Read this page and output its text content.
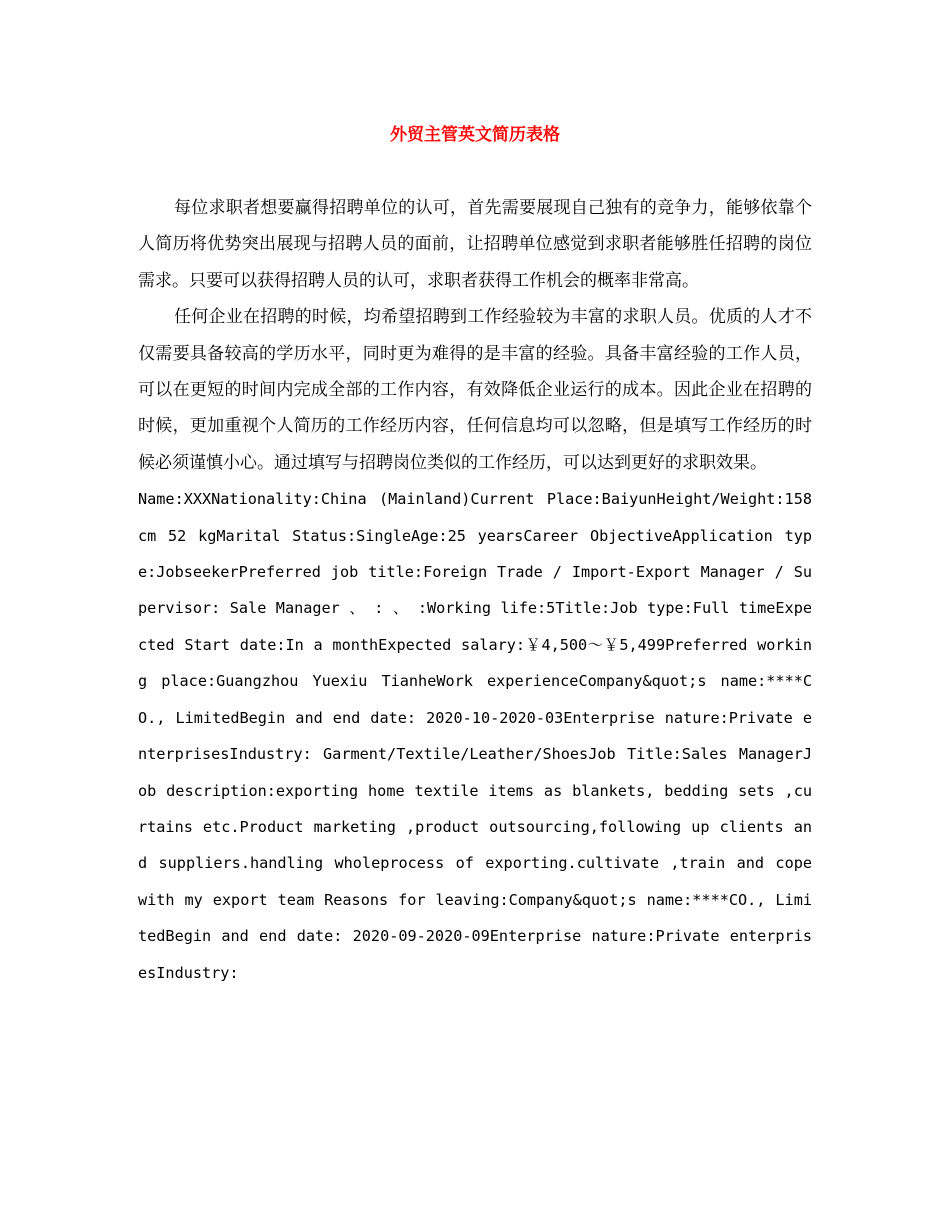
外贸主管英文简历表格

每位求职者想要赢得招聘单位的认可，首先需要展现自己独有的竞争力，能够依靠个人简历将优势突出展现与招聘人员的面前，让招聘单位感觉到求职者能够胜任招聘的岗位需求。只要可以获得招聘人员的认可，求职者获得工作机会的概率非常高。

任何企业在招聘的时候，均希望招聘到工作经验较为丰富的求职人员。优质的人才不仅需要具备较高的学历水平，同时更为难得的是丰富的经验。具备丰富经验的工作人员，可以在更短的时间内完成全部的工作内容，有效降低企业运行的成本。因此企业在招聘的时候，更加重视个人简历的工作经历内容，任何信息均可以忽略，但是填写工作经历的时候必须谨慎小心。通过填写与招聘岗位类似的工作经历，可以达到更好的求职效果。

Name:XXXNationality:China (Mainland)Current Place:BaiyunHeight/Weight:158 cm 52 kgMarital Status:SingleAge:25 yearsCareer ObjectiveApplication type:JobseekerPreferred job title:Foreign Trade / Import-Export Manager / Supervisor: Sale Manager 、 : 、 :Working life:5Title:Job type:Full timeExpected Start date:In a monthExpected salary:￥4,500～￥5,499Preferred working place:Guangzhou Yuexiu TianheWork experienceCompany&quot;s name:****CO., LimitedBegin and end date: 2020-10-2020-03Enterprise nature:Private enterprisesIndustry: Garment/Textile/Leather/ShoesJob Title:Sales ManagerJob description:exporting home textile items as blankets, bedding sets ,curtains etc.Product marketing ,product outsourcing,following up clients and suppliers.handling wholeprocess of exporting.cultivate ,train and cope with my export team Reasons for leaving:Company&quot;s name:****CO., LimitedBegin and end date: 2020-09-2020-09Enterprise nature:Private enterprisesIndustry:
